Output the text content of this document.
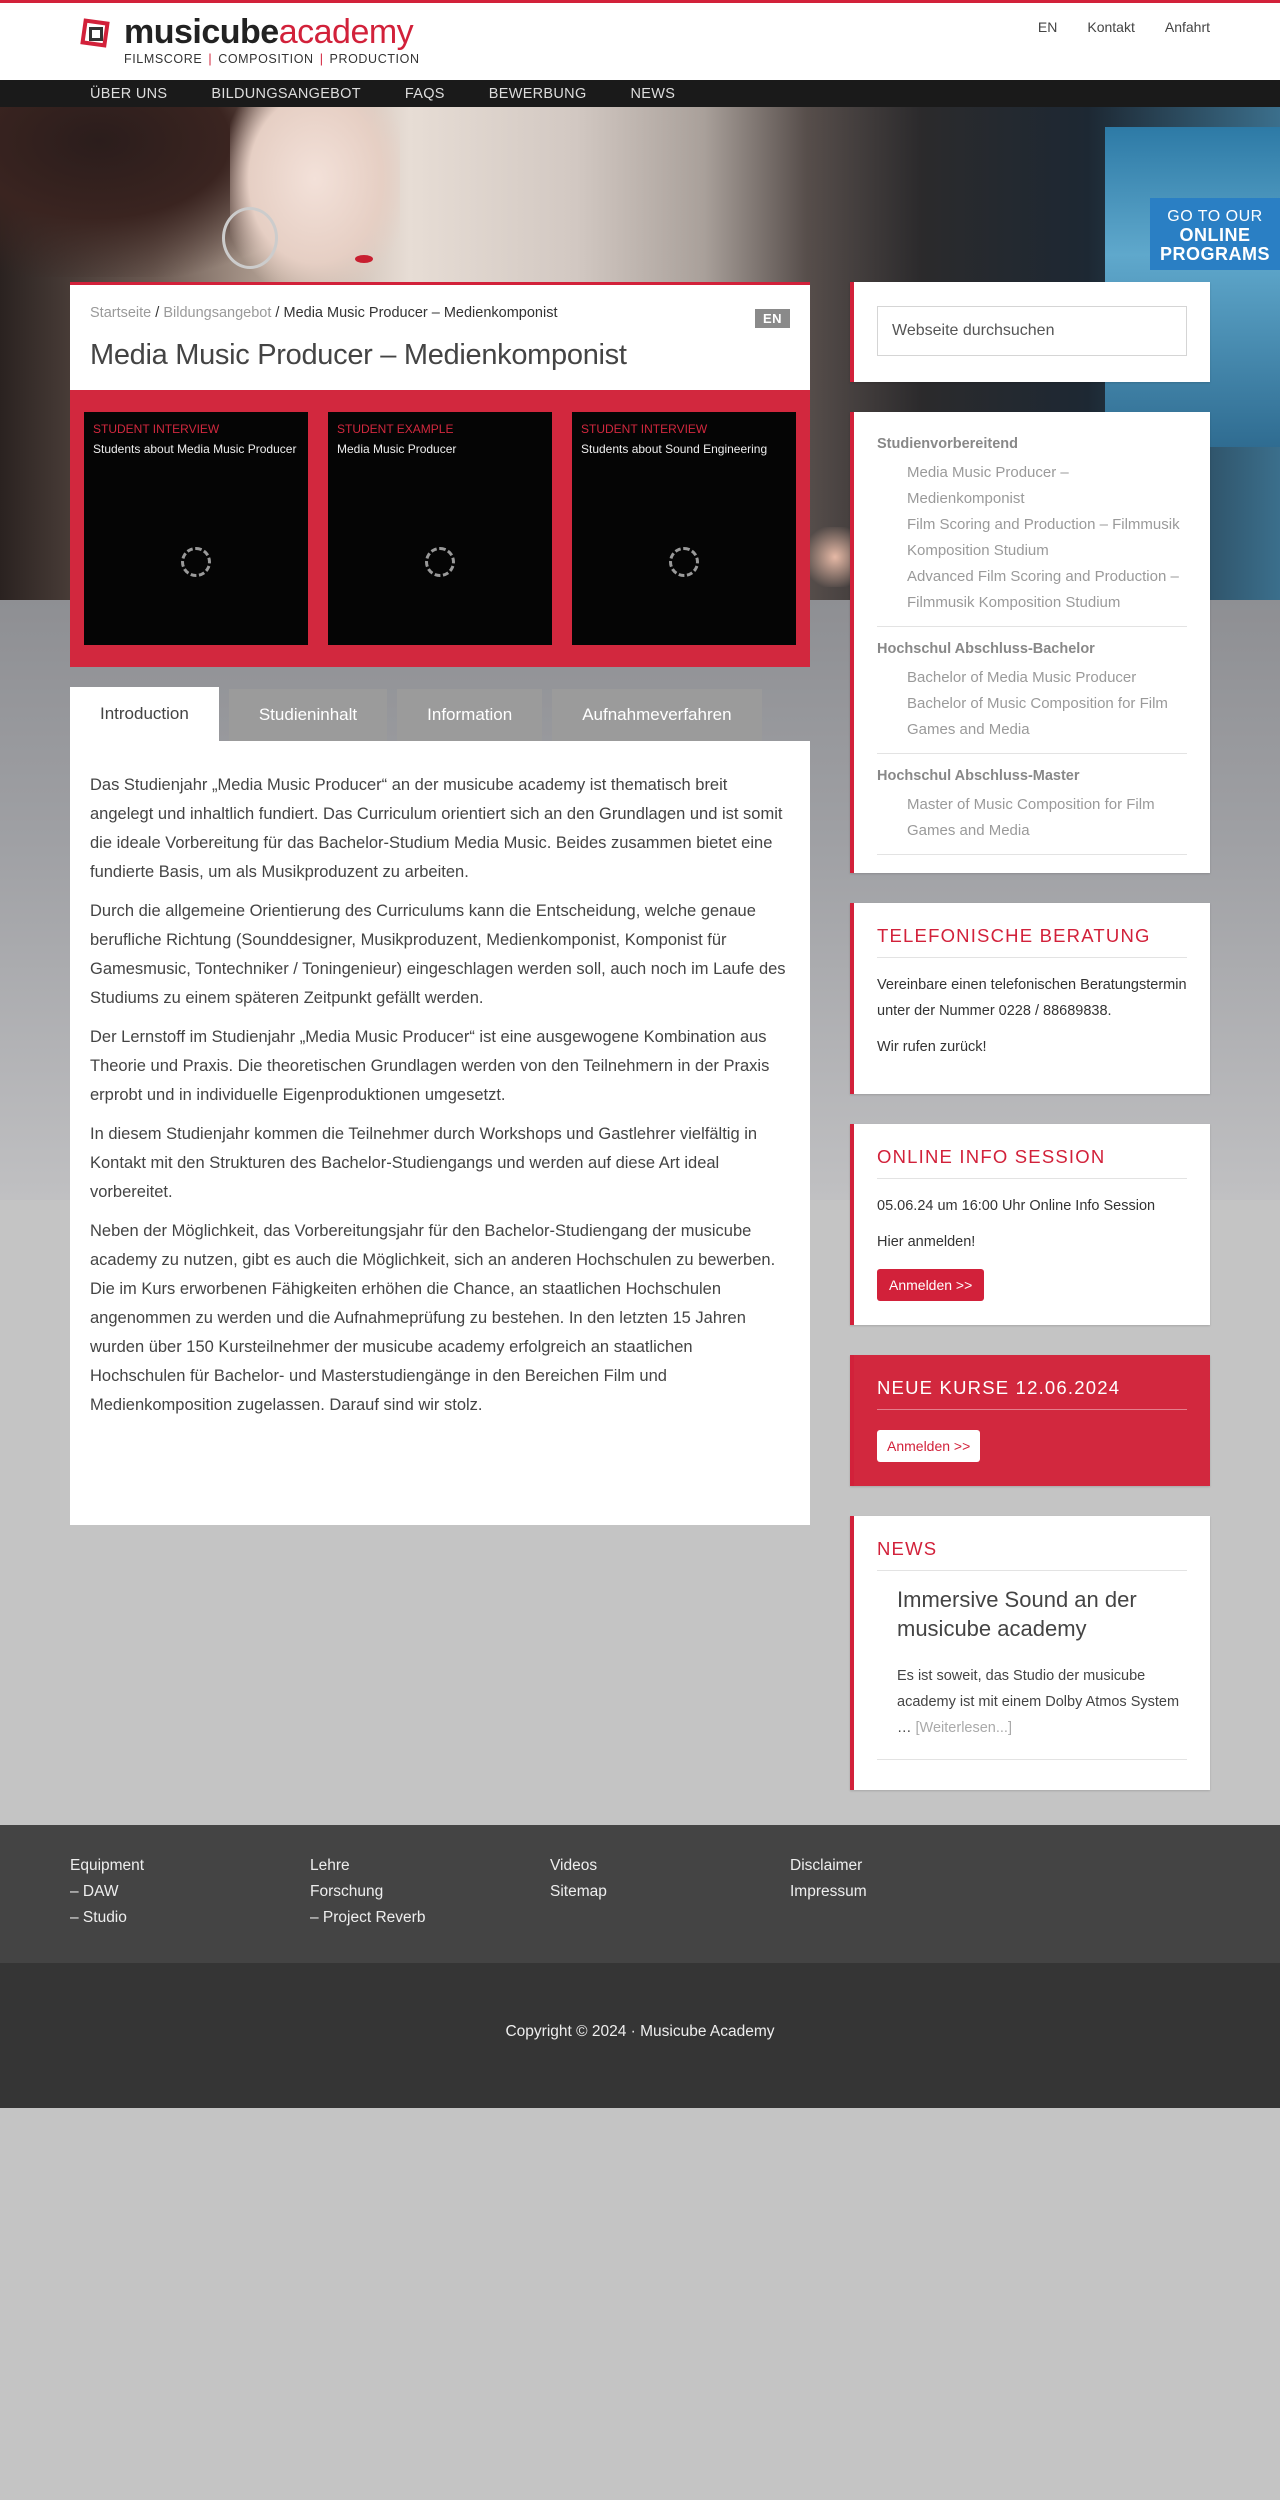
musicubeacademy
FILMSCORE | COMPOSITION | PRODUCTION
EN Kontakt Anfahrt
ÜBER UNS	BILDUNGSANGEBOT	FAQS	BEWERBUNG	NEWS
GO TO OUR
ONLINE
PROGRAMS
Startseite / Bildungsangebot / Media Music Producer – Medienkomponist	EN
Media Music Producer – Medienkomponist
STUDENT INTERVIEW
Students about Media Music Producer
STUDENT EXAMPLE
Media Music Producer
STUDENT INTERVIEW
Students about Sound Engineering
Introduction	Studieninhalt	Information	Aufnahmeverfahren

Das Studienjahr „Media Music Producer“ an der musicube academy ist thematisch breit angelegt und inhaltlich fundiert. Das Curriculum orientiert sich an den Grundlagen und ist somit die ideale Vorbereitung für das Bachelor-Studium Media Music. Beides zusammen bietet eine fundierte Basis, um als Musikproduzent zu arbeiten.

Durch die allgemeine Orientierung des Curriculums kann die Entscheidung, welche genaue berufliche Richtung (Sounddesigner, Musikproduzent, Medienkomponist, Komponist für Gamesmusic, Tontechniker / Toningenieur) eingeschlagen werden soll, auch noch im Laufe des Studiums zu einem späteren Zeitpunkt gefällt werden.

Der Lernstoff im Studienjahr „Media Music Producer“ ist eine ausgewogene Kombination aus Theorie und Praxis. Die theoretischen Grundlagen werden von den Teilnehmern in der Praxis erprobt und in individuelle Eigenproduktionen umgesetzt.

In diesem Studienjahr kommen die Teilnehmer durch Workshops und Gastlehrer vielfältig in Kontakt mit den Strukturen des Bachelor-Studiengangs und werden auf diese Art ideal vorbereitet.

Neben der Möglichkeit, das Vorbereitungsjahr für den Bachelor-Studiengang der musicube academy zu nutzen, gibt es auch die Möglichkeit, sich an anderen Hochschulen zu bewerben. Die im Kurs erworbenen Fähigkeiten erhöhen die Chance, an staatlichen Hochschulen angenommen zu werden und die Aufnahmeprüfung zu bestehen. In den letzten 15 Jahren wurden über 150 Kursteilnehmer der musicube academy erfolgreich an staatlichen Hochschulen für Bachelor- und Masterstudiengänge in den Bereichen Film und Medienkomposition zugelassen. Darauf sind wir stolz.

Webseite durchsuchen
Studienvorbereitend
Media Music Producer – Medienkomponist
Film Scoring and Production – Filmmusik Komposition Studium
Advanced Film Scoring and Production – Filmmusik Komposition Studium
Hochschul Abschluss-Bachelor
Bachelor of Media Music Producer
Bachelor of Music Composition for Film Games and Media
Hochschul Abschluss-Master
Master of Music Composition for Film Games and Media
TELEFONISCHE BERATUNG
Vereinbare einen telefonischen Beratungstermin unter der Nummer 0228 / 88689838.
Wir rufen zurück!
ONLINE INFO SESSION
05.06.24 um 16:00 Uhr Online Info Session
Hier anmelden!
Anmelden >>
NEUE KURSE 12.06.2024
Anmelden >>
NEWS
Immersive Sound an der musicube academy
Es ist soweit, das Studio der musicube academy ist mit einem Dolby Atmos System … [Weiterlesen...]
Equipment
– DAW
– Studio
Lehre
Forschung
– Project Reverb
Videos
Sitemap
Disclaimer
Impressum
Copyright © 2024 · Musicube Academy
